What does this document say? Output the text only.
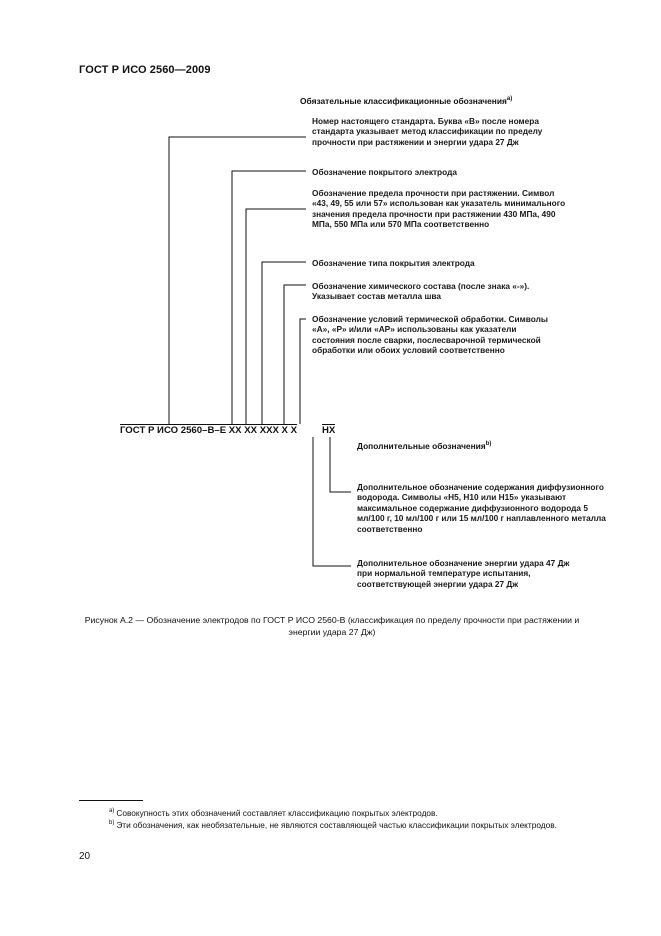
ГОСТ Р ИСО 2560—2009
Обязательные классификационные обозначения$^{a)}$
Номер настоящего стандарта. Буква «В» после номера стандарта указывает метод классификации по пределу прочности при растяжении и энергии удара 27 Дж
Обозначение покрытого электрода
Обозначение предела прочности при растяжении. Символ «43, 49, 55 или 57» использован как указатель минимального значения предела прочности при растяжении 430 МПа, 490 МПа, 550 МПа или 570 МПа соответственно
Обозначение типа покрытия электрода
Обозначение химического состава (после знака «-»). Указывает состав металла шва
Обозначение условий термической обработки. Символы «А», «Р» и/или «АР» использованы как указатели состояния после сварки, послесварочной термической обработки или обоих условий соответственно
ГОСТ Р ИСО 2560–В–Е ХХ ХХ ХХХ Х Х	НХ
Дополнительные обозначения$^{b)}$
Дополнительное обозначение содержания диффузионного водорода. Символы «Н5, Н10 или Н15» указывают максимальное содержание диффузионного водорода 5 мл/100 г, 10 мл/100 г или 15 мл/100 г наплавленного металла соответственно
Дополнительное обозначение энергии удара 47 Дж при нормальной температуре испытания, соответствующей энергии удара 27 Дж
Рисунок А.2 — Обозначение электродов по ГОСТ Р ИСО 2560-В (классификация по пределу прочности при растяжении и энергии удара 27 Дж)
$^{a)}$ Совокупность этих обозначений составляет классификацию покрытых электродов.
$^{b)}$ Эти обозначения, как необязательные, не являются составляющей частью классификации покрытых электродов.
20
